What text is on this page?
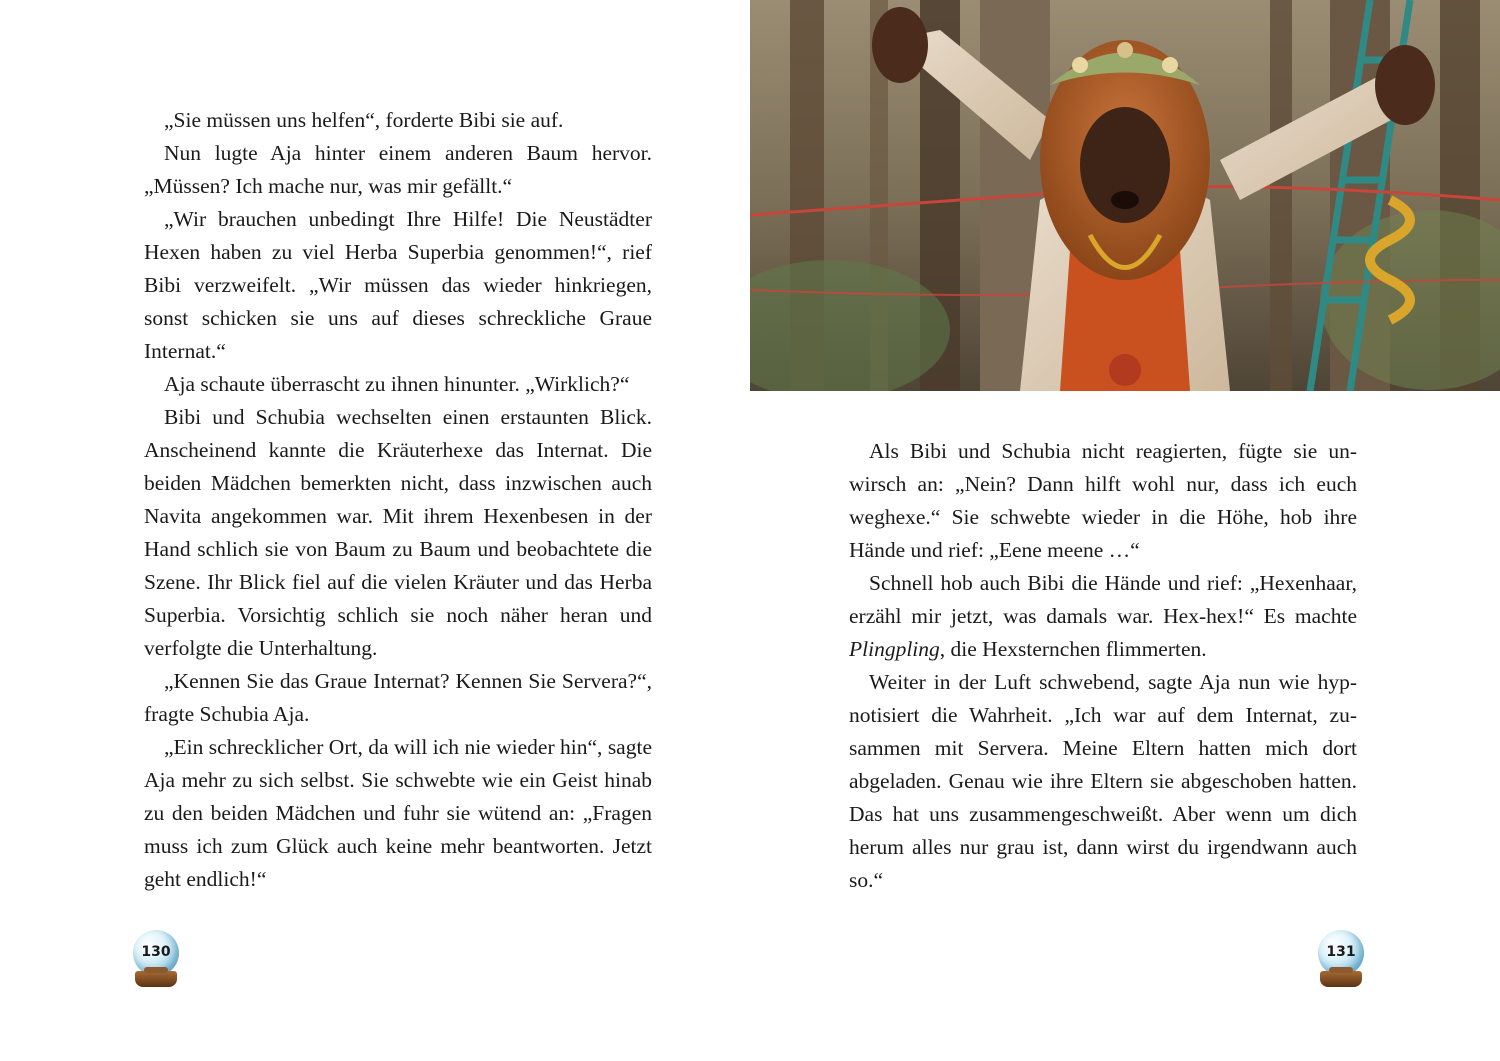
„Sie müssen uns helfen“, forderte Bibi sie auf.

Nun lugte Aja hinter einem anderen Baum hervor. „Müssen? Ich mache nur, was mir gefällt.“

„Wir brauchen unbedingt Ihre Hilfe! Die Neustädter Hexen haben zu viel Herba Superbia genommen!“, rief Bibi verzweifelt. „Wir müssen das wieder hinkriegen, sonst schicken sie uns auf dieses schreckliche Graue Internat.“

Aja schaute überrascht zu ihnen hinunter. „Wirklich?“

Bibi und Schubia wechselten einen erstaunten Blick. Anscheinend kannte die Kräuterhexe das Internat. Die beiden Mädchen bemerkten nicht, dass inzwischen auch Navita angekommen war. Mit ihrem Hexenbesen in der Hand schlich sie von Baum zu Baum und beobachtete die Szene. Ihr Blick fiel auf die vielen Kräuter und das Herba Superbia. Vorsichtig schlich sie noch näher heran und verfolgte die Unterhaltung.

„Kennen Sie das Graue Internat? Kennen Sie Servera?“, fragte Schubia Aja.

„Ein schrecklicher Ort, da will ich nie wieder hin“, sagte Aja mehr zu sich selbst. Sie schwebte wie ein Geist hinab zu den beiden Mädchen und fuhr sie wütend an: „Fragen muss ich zum Glück auch keine mehr beantworten. Jetzt geht endlich!“

130

Als Bibi und Schubia nicht reagierten, fügte sie unwirsch an: „Nein? Dann hilft wohl nur, dass ich euch weghexe.“ Sie schwebte wieder in die Höhe, hob ihre Hände und rief: „Eene meene …“

Schnell hob auch Bibi die Hände und rief: „Hexenhaar, erzähl mir jetzt, was damals war. Hex-hex!“ Es machte Plingpling, die Hexsternchen flimmerten.

Weiter in der Luft schwebend, sagte Aja nun wie hypnotisiert die Wahrheit. „Ich war auf dem Internat, zusammen mit Servera. Meine Eltern hatten mich dort abgeladen. Genau wie ihre Eltern sie abgeschoben hatten. Das hat uns zusammengeschweißt. Aber wenn um dich herum alles nur grau ist, dann wirst du irgendwann auch so.“

131
